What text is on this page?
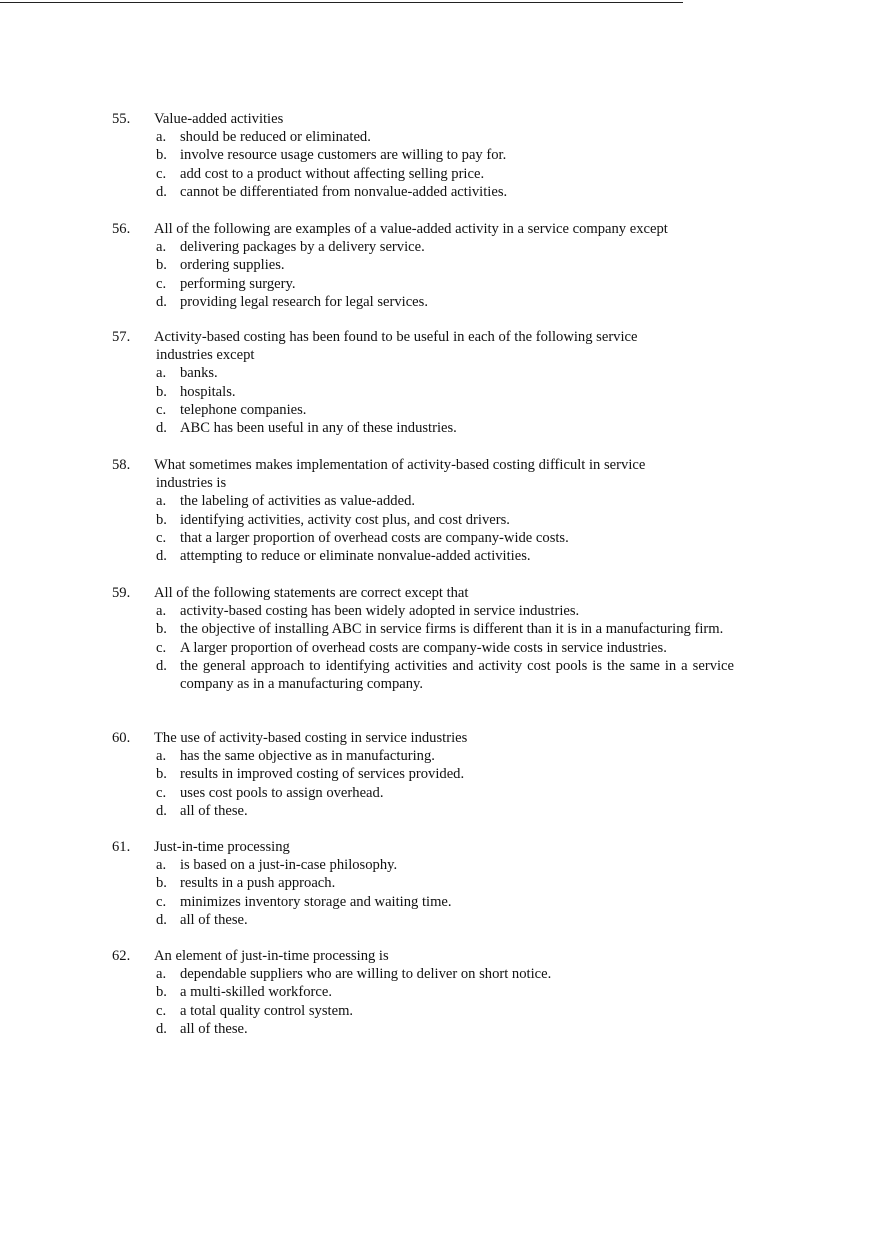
55. Value-added activities
a. should be reduced or eliminated.
b. involve resource usage customers are willing to pay for.
c. add cost to a product without affecting selling price.
d. cannot be differentiated from nonvalue-added activities.
56. All of the following are examples of a value-added activity in a service company except
a. delivering packages by a delivery service.
b. ordering supplies.
c. performing surgery.
d. providing legal research for legal services.
57. Activity-based costing has been found to be useful in each of the following service
industries except
a. banks.
b. hospitals.
c. telephone companies.
d. ABC has been useful in any of these industries.
58. What sometimes makes implementation of activity-based costing difficult in service
industries is
a. the labeling of activities as value-added.
b. identifying activities, activity cost plus, and cost drivers.
c. that a larger proportion of overhead costs are company-wide costs.
d. attempting to reduce or eliminate nonvalue-added activities.
59. All of the following statements are correct except that
a. activity-based costing has been widely adopted in service industries.
b. the objective of installing ABC in service firms is different than it is in a manufacturing firm.
c. A larger proportion of overhead costs are company-wide costs in service industries.
d. the general approach to identifying activities and activity cost pools is the same in a service company as in a manufacturing company.
60. The use of activity-based costing in service industries
a. has the same objective as in manufacturing.
b. results in improved costing of services provided.
c. uses cost pools to assign overhead.
d. all of these.
61. Just-in-time processing
a. is based on a just-in-case philosophy.
b. results in a push approach.
c. minimizes inventory storage and waiting time.
d. all of these.
62. An element of just-in-time processing is
a. dependable suppliers who are willing to deliver on short notice.
b. a multi-skilled workforce.
c. a total quality control system.
d. all of these.
